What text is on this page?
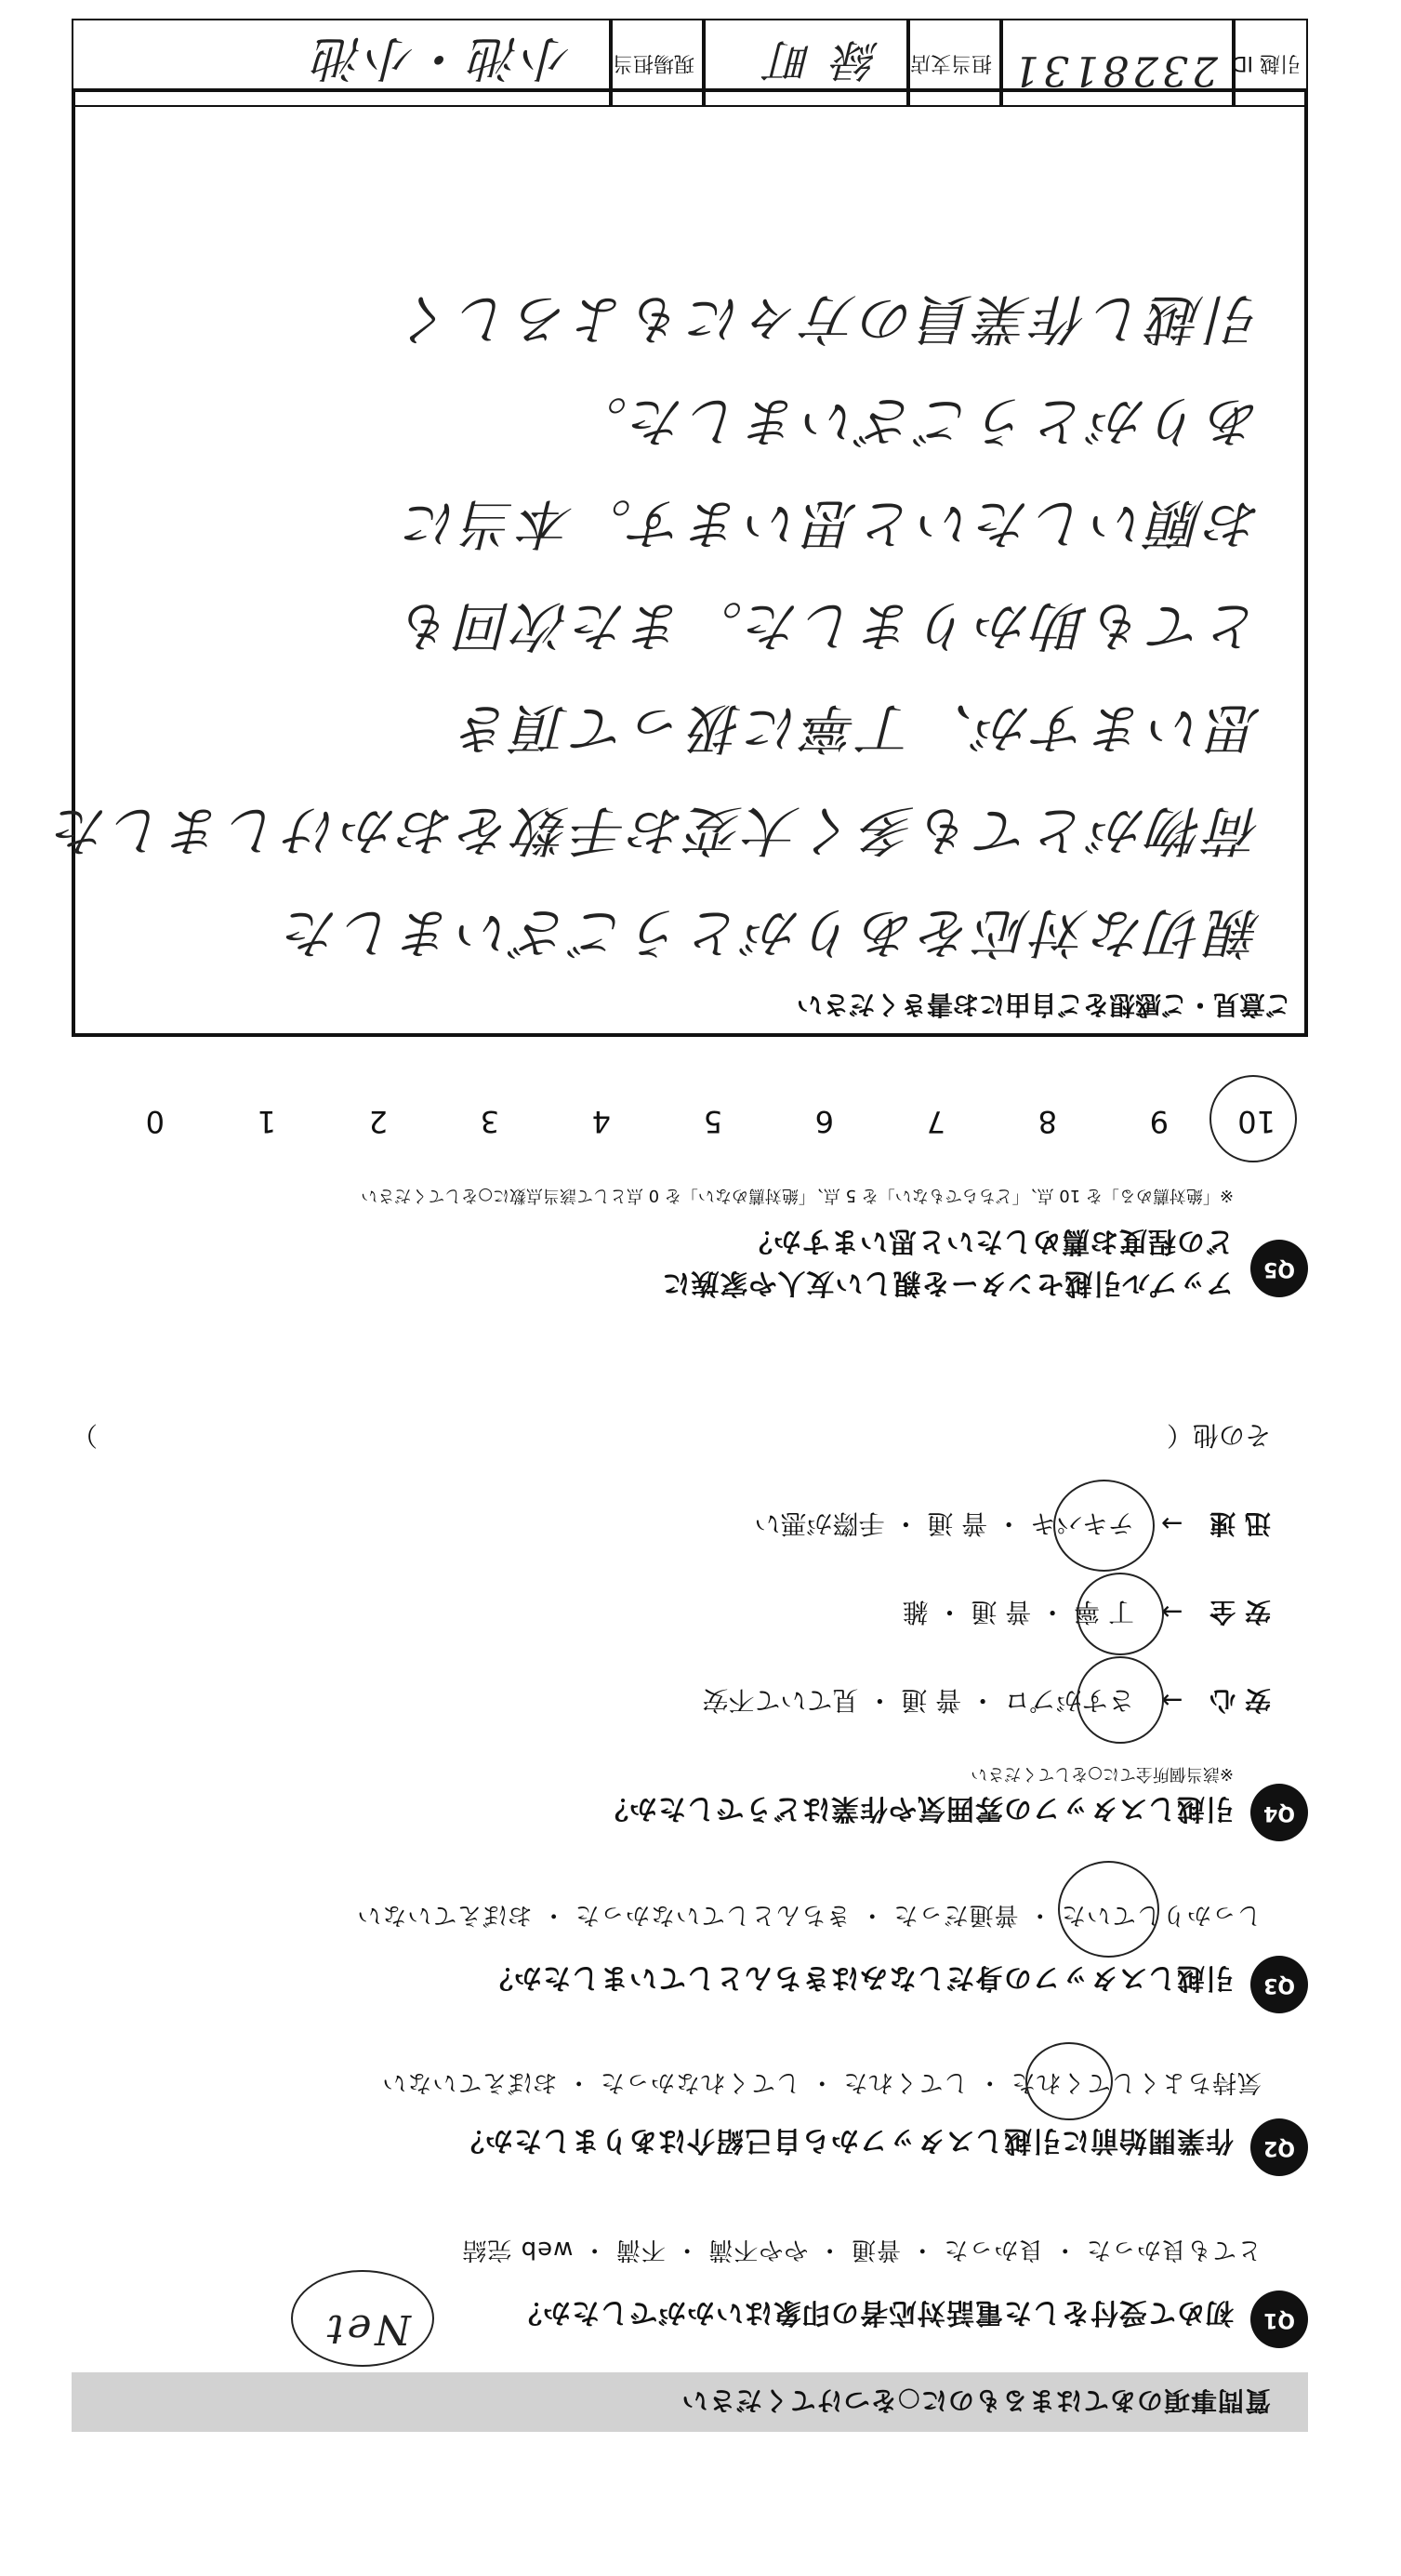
質問事項のあてはまるものに○をつけてください
Q1
初めて受付をした電話対応者の印象はいかがでしたか？
Net
とても良かった ・ 良かった ・ 普通 ・ やや不満 ・ 不満 ・ web 完結
Q2
作業開始前に引越しスタッフから自己紹介はありましたか？
気持ちよくしてくれた ・ してくれた ・ してくれなかった ・ おぼえていない
Q3
引越しスタッフの身だしなみはきちんとしていましたか？
しっかりしていた ・ 普通だった ・ きちんとしていなかった ・ おぼえていない
Q4
引越しスタッフの雰囲気や作業はどうでしたか？
※該当個所全てに○をしてください
安 心 → さすがプロ ・ 普 通 ・ 見ていて不安
安 全 → 丁 寧 ・ 普 通 ・ 雑
迅 速 → テキパキ ・ 普 通 ・ 手際が悪い
その他（
）
Q5
アップル引越センターを親しい友人や家族に
どの程度お薦めしたいと思いますか？
※「絶対薦める」を 10 点、「どちらでもない」を 5 点、「絶対薦めない」を 0 点として該当点数に○をしてください
10
9
8
7
6
5
4
3
2
1
0
ご意見・ご感想をご自由にお書きください
親切な対応をありがとうございました
荷物がとても多く大変お手数をおかけしました
思いますが、丁寧に扱って頂き
とても助かりました。また次回も
お願いしたいと思います。本当に
ありがとうございました。
引越し作業員の方々にもよろしく
引越 ID
2328131
担当支店
緑 町
現場担当
小池・小池
